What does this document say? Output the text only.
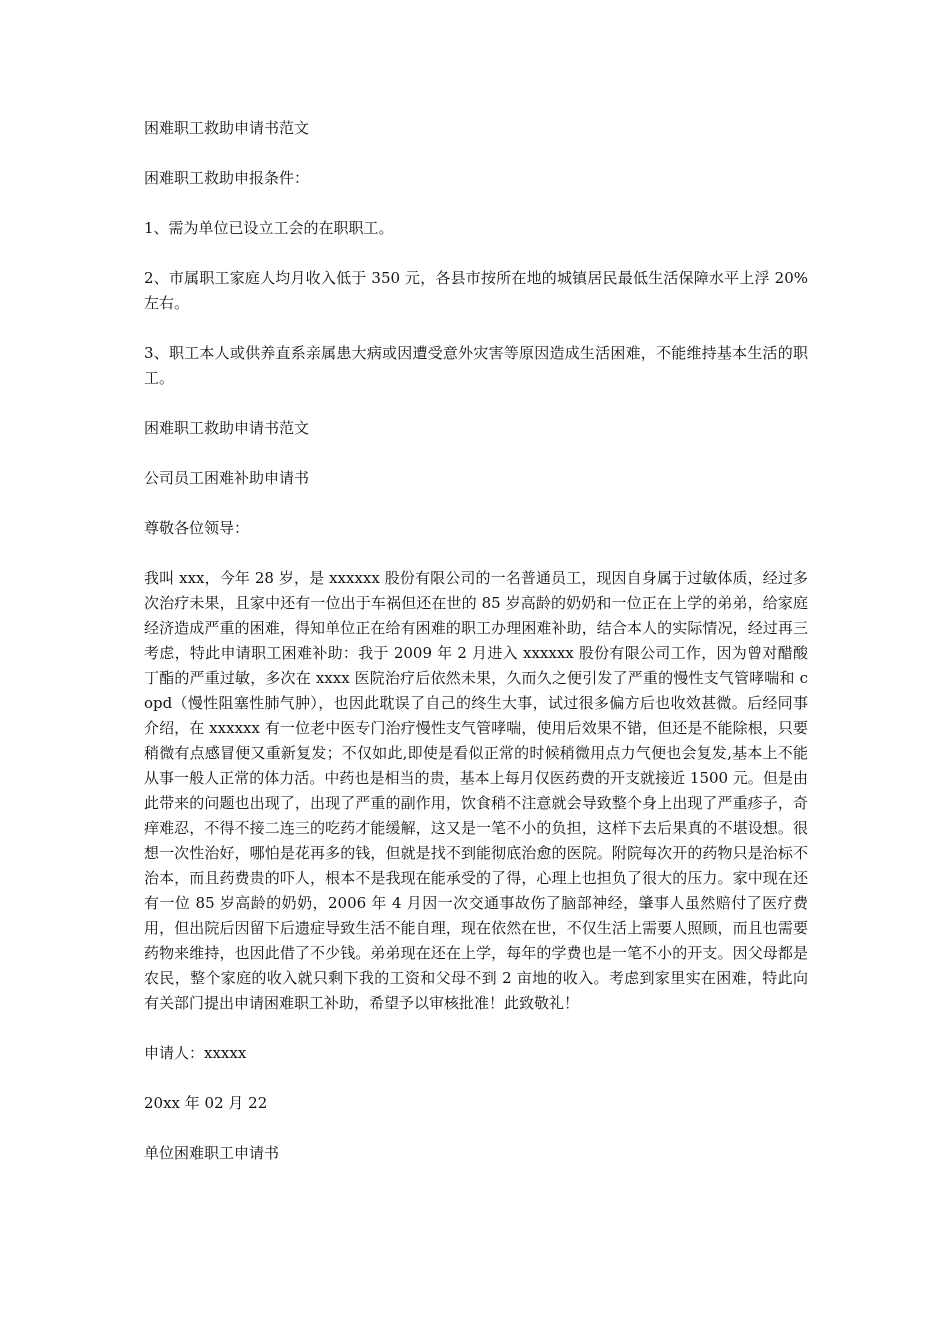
困难职工救助申请书范文

困难职工救助申报条件：

1、需为单位已设立工会的在职职工。

2、市属职工家庭人均月收入低于 350 元，各县市按所在地的城镇居民最低生活保障水平上浮 20%左右。

3、职工本人或供养直系亲属患大病或因遭受意外灾害等原因造成生活困难，不能维持基本生活的职工。

困难职工救助申请书范文

公司员工困难补助申请书

尊敬各位领导：

我叫 xxx，今年 28 岁，是 xxxxxx 股份有限公司的一名普通员工，现因自身属于过敏体质，经过多次治疗未果，且家中还有一位出于车祸但还在世的 85 岁高龄的奶奶和一位正在上学的弟弟，给家庭经济造成严重的困难，得知单位正在给有困难的职工办理困难补助，结合本人的实际情况，经过再三考虑，特此申请职工困难补助：我于 2009 年 2 月进入 xxxxxx 股份有限公司工作，因为曾对醋酸丁酯的严重过敏，多次在 xxxx 医院治疗后依然未果，久而久之便引发了严重的慢性支气管哮喘和 copd（慢性阻塞性肺气肿），也因此耽误了自己的终生大事，试过很多偏方后也收效甚微。后经同事介绍，在 xxxxxx 有一位老中医专门治疗慢性支气管哮喘，使用后效果不错，但还是不能除根，只要稍微有点感冒便又重新复发；不仅如此,即使是看似正常的时候稍微用点力气便也会复发,基本上不能从事一般人正常的体力活。中药也是相当的贵，基本上每月仅医药费的开支就接近 1500 元。但是由此带来的问题也出现了，出现了严重的副作用，饮食稍不注意就会导致整个身上出现了严重疹子，奇痒难忍，不得不接二连三的吃药才能缓解，这又是一笔不小的负担，这样下去后果真的不堪设想。很想一次性治好，哪怕是花再多的钱，但就是找不到能彻底治愈的医院。附院每次开的药物只是治标不治本，而且药费贵的吓人，根本不是我现在能承受的了得，心理上也担负了很大的压力。家中现在还有一位 85 岁高龄的奶奶，2006 年 4 月因一次交通事故伤了脑部神经，肇事人虽然赔付了医疗费用，但出院后因留下后遗症导致生活不能自理，现在依然在世，不仅生活上需要人照顾，而且也需要药物来维持，也因此借了不少钱。弟弟现在还在上学，每年的学费也是一笔不小的开支。因父母都是农民，整个家庭的收入就只剩下我的工资和父母不到 2 亩地的收入。考虑到家里实在困难，特此向有关部门提出申请困难职工补助，希望予以审核批准！此致敬礼！

申请人：xxxxx

20xx 年 02 月 22

单位困难职工申请书
